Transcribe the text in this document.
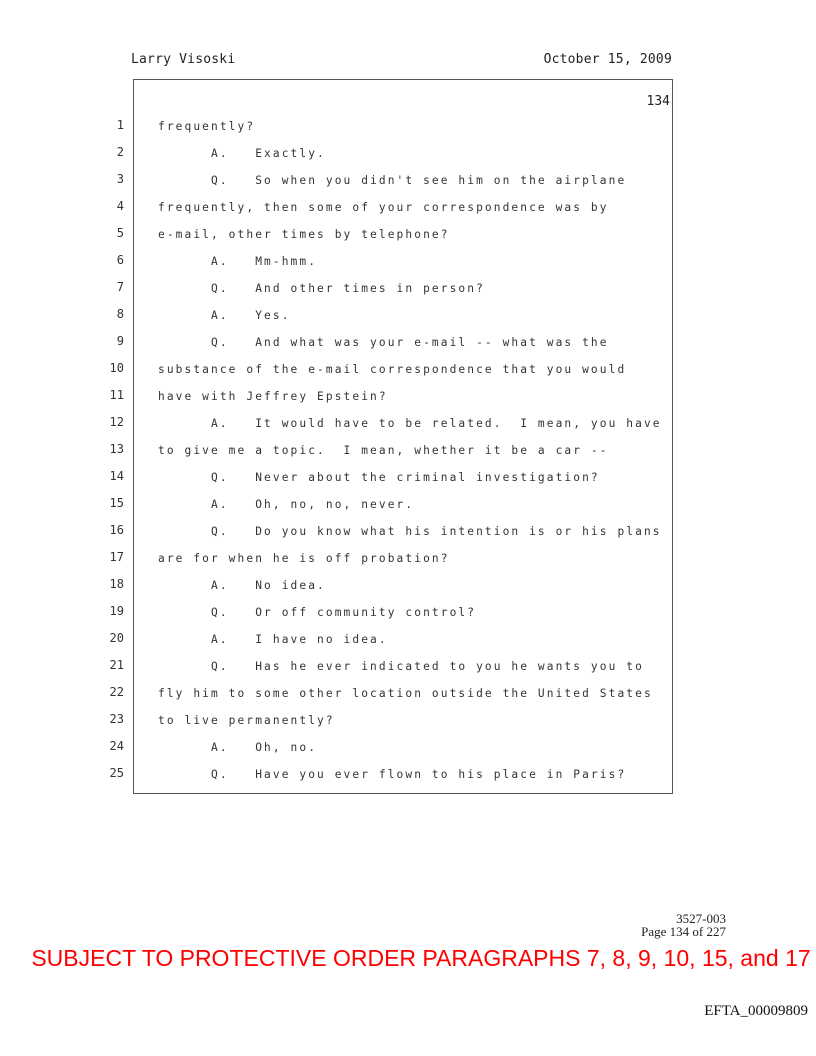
Larry Visoski	October 15, 2009
134
1	frequently?
2	A.   Exactly.
3	Q.   So when you didn't see him on the airplane
4	frequently, then some of your correspondence was by
5	e-mail, other times by telephone?
6	A.   Mm-hmm.
7	Q.   And other times in person?
8	A.   Yes.
9	Q.   And what was your e-mail -- what was the
10	substance of the e-mail correspondence that you would
11	have with Jeffrey Epstein?
12	A.   It would have to be related.  I mean, you have
13	to give me a topic.  I mean, whether it be a car --
14	Q.   Never about the criminal investigation?
15	A.   Oh, no, no, never.
16	Q.   Do you know what his intention is or his plans
17	are for when he is off probation?
18	A.   No idea.
19	Q.   Or off community control?
20	A.   I have no idea.
21	Q.   Has he ever indicated to you he wants you to
22	fly him to some other location outside the United States
23	to live permanently?
24	A.   Oh, no.
25	Q.   Have you ever flown to his place in Paris?
3527-003
Page 134 of 227
SUBJECT TO PROTECTIVE ORDER PARAGRAPHS 7, 8, 9, 10, 15, and 17
EFTA_00009809
